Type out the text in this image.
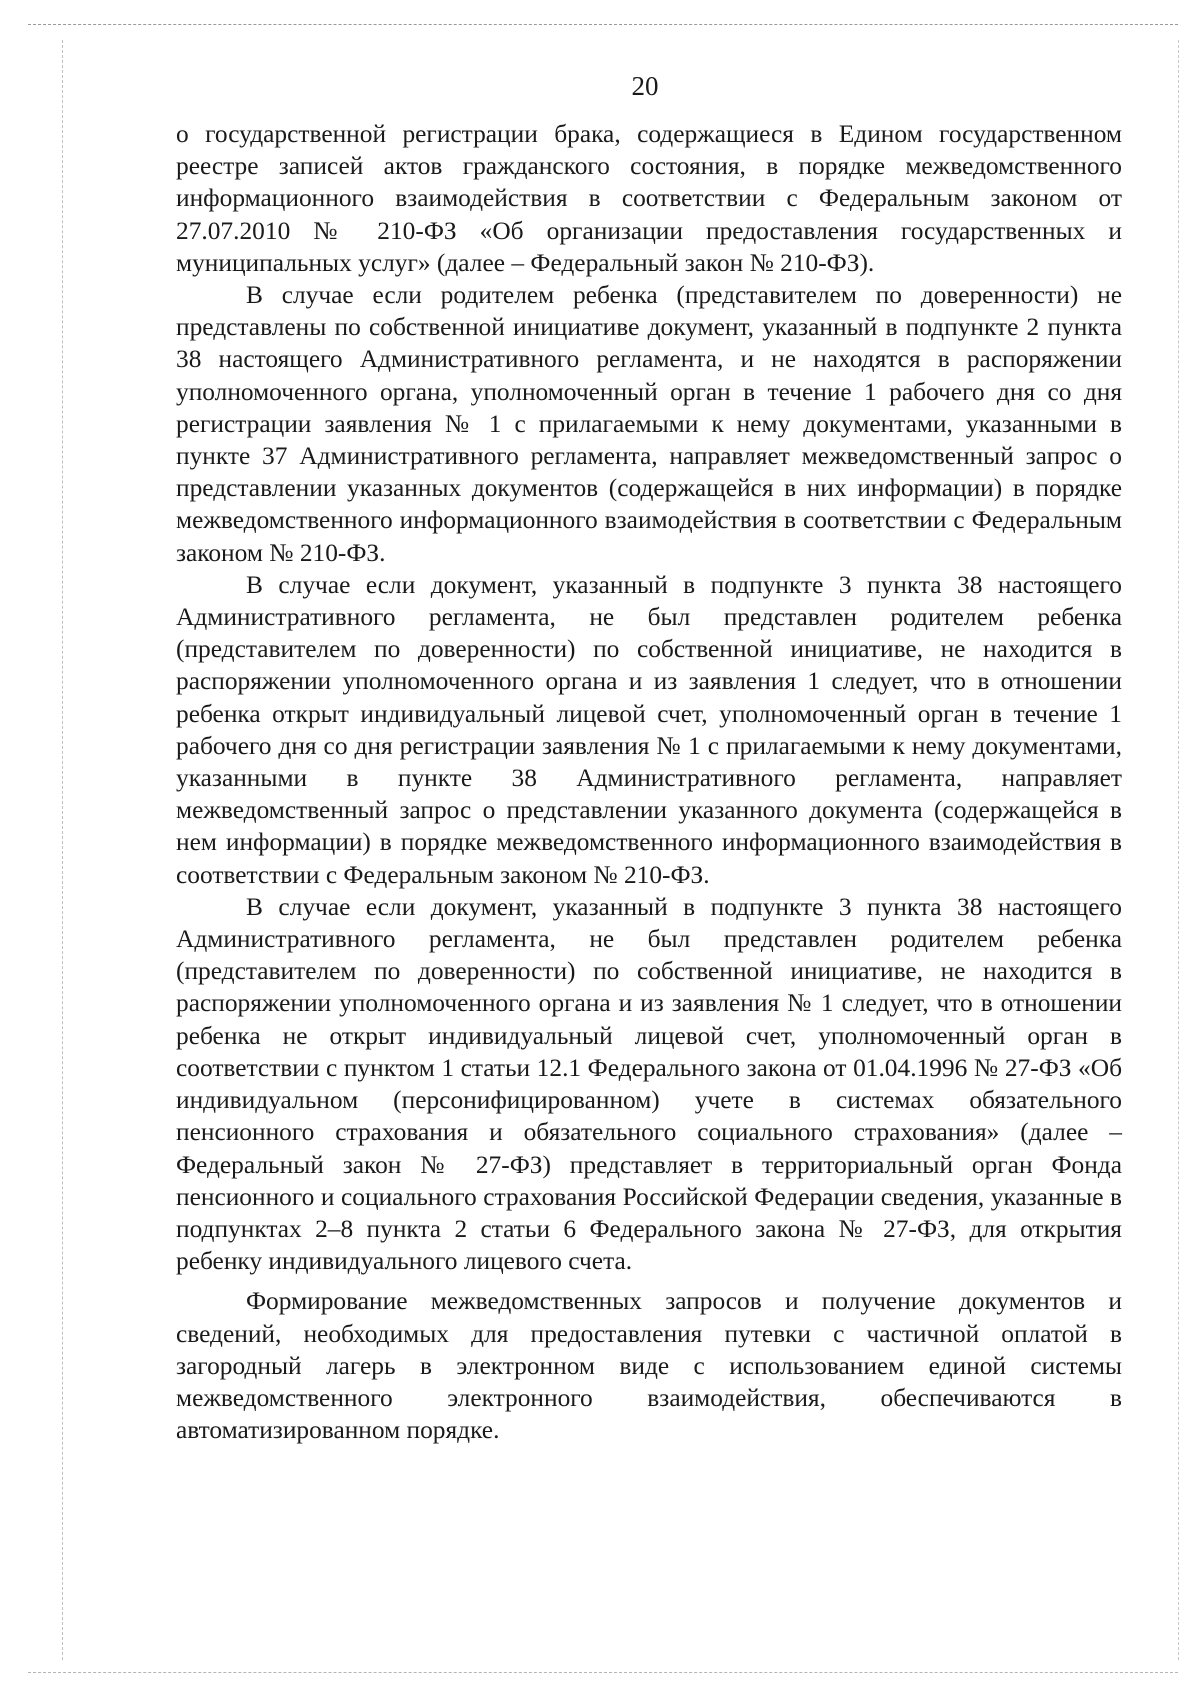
20

о государственной регистрации брака, содержащиеся в Едином государственном реестре записей актов гражданского состояния, в порядке межведомственного информационного взаимодействия в соответствии с Федеральным законом от 27.07.2010 № 210-ФЗ «Об организации предоставления государственных и муниципальных услуг» (далее – Федеральный закон № 210-ФЗ).

В случае если родителем ребенка (представителем по доверенности) не представлены по собственной инициативе документ, указанный в подпункте 2 пункта 38 настоящего Административного регламента, и не находятся в распоряжении уполномоченного органа, уполномоченный орган в течение 1 рабочего дня со дня регистрации заявления № 1 с прилагаемыми к нему документами, указанными в пункте 37 Административного регламента, направляет межведомственный запрос о представлении указанных документов (содержащейся в них информации) в порядке межведомственного информационного взаимодействия в соответствии с Федеральным законом № 210-ФЗ.

В случае если документ, указанный в подпункте 3 пункта 38 настоящего Административного регламента, не был представлен родителем ребенка (представителем по доверенности) по собственной инициативе, не находится в распоряжении уполномоченного органа и из заявления 1 следует, что в отношении ребенка открыт индивидуальный лицевой счет, уполномоченный орган в течение 1 рабочего дня со дня регистрации заявления № 1 с прилагаемыми к нему документами, указанными в пункте 38 Административного регламента, направляет межведомственный запрос о представлении указанного документа (содержащейся в нем информации) в порядке межведомственного информационного взаимодействия в соответствии с Федеральным законом № 210-ФЗ.

В случае если документ, указанный в подпункте 3 пункта 38 настоящего Административного регламента, не был представлен родителем ребенка (представителем по доверенности) по собственной инициативе, не находится в распоряжении уполномоченного органа и из заявления № 1 следует, что в отношении ребенка не открыт индивидуальный лицевой счет, уполномоченный орган в соответствии с пунктом 1 статьи 12.1 Федерального закона от 01.04.1996 № 27-ФЗ «Об индивидуальном (персонифицированном) учете в системах обязательного пенсионного страхования и обязательного социального страхования» (далее – Федеральный закон № 27-ФЗ) представляет в территориальный орган Фонда пенсионного и социального страхования Российской Федерации сведения, указанные в подпунктах 2–8 пункта 2 статьи 6 Федерального закона № 27-ФЗ, для открытия ребенку индивидуального лицевого счета.

Формирование межведомственных запросов и получение документов и сведений, необходимых для предоставления путевки с частичной оплатой в загородный лагерь в электронном виде с использованием единой системы межведомственного электронного взаимодействия, обеспечиваются в автоматизированном порядке.
